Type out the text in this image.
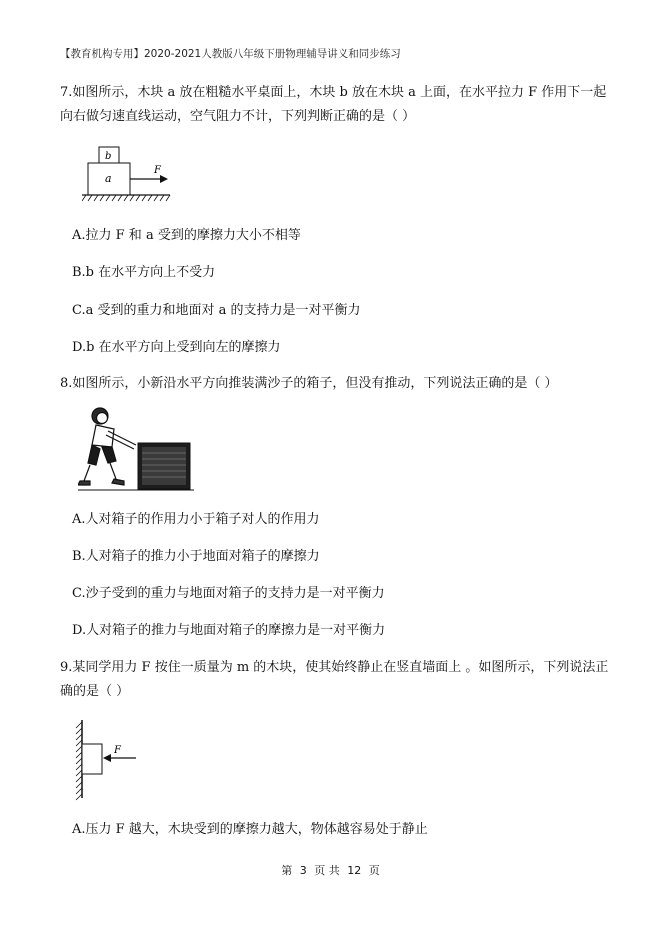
【教育机构专用】2020-2021人教版八年级下册物理辅导讲义和同步练习
7.如图所示，木块 a 放在粗糙水平桌面上，木块 b 放在木块 a 上面，在水平拉力 F 作用下一起
向右做匀速直线运动，空气阻力不计，下列判断正确的是（ ）
b
a
F
A.拉力 F 和 a 受到的摩擦力大小不相等
B.b 在水平方向上不受力
C.a 受到的重力和地面对 a 的支持力是一对平衡力
D.b 在水平方向上受到向左的摩擦力
8.如图所示，小新沿水平方向推装满沙子的箱子，但没有推动，下列说法正确的是（ ）
A.人对箱子的作用力小于箱子对人的作用力
B.人对箱子的推力小于地面对箱子的摩擦力
C.沙子受到的重力与地面对箱子的支持力是一对平衡力
D.人对箱子的推力与地面对箱子的摩擦力是一对平衡力
9.某同学用力 F 按住一质量为 m 的木块，使其始终静止在竖直墙面上 。如图所示，下列说法正
确的是（ ）
F
A.压力 F 越大，木块受到的摩擦力越大，物体越容易处于静止
第 3 页 共 12 页
